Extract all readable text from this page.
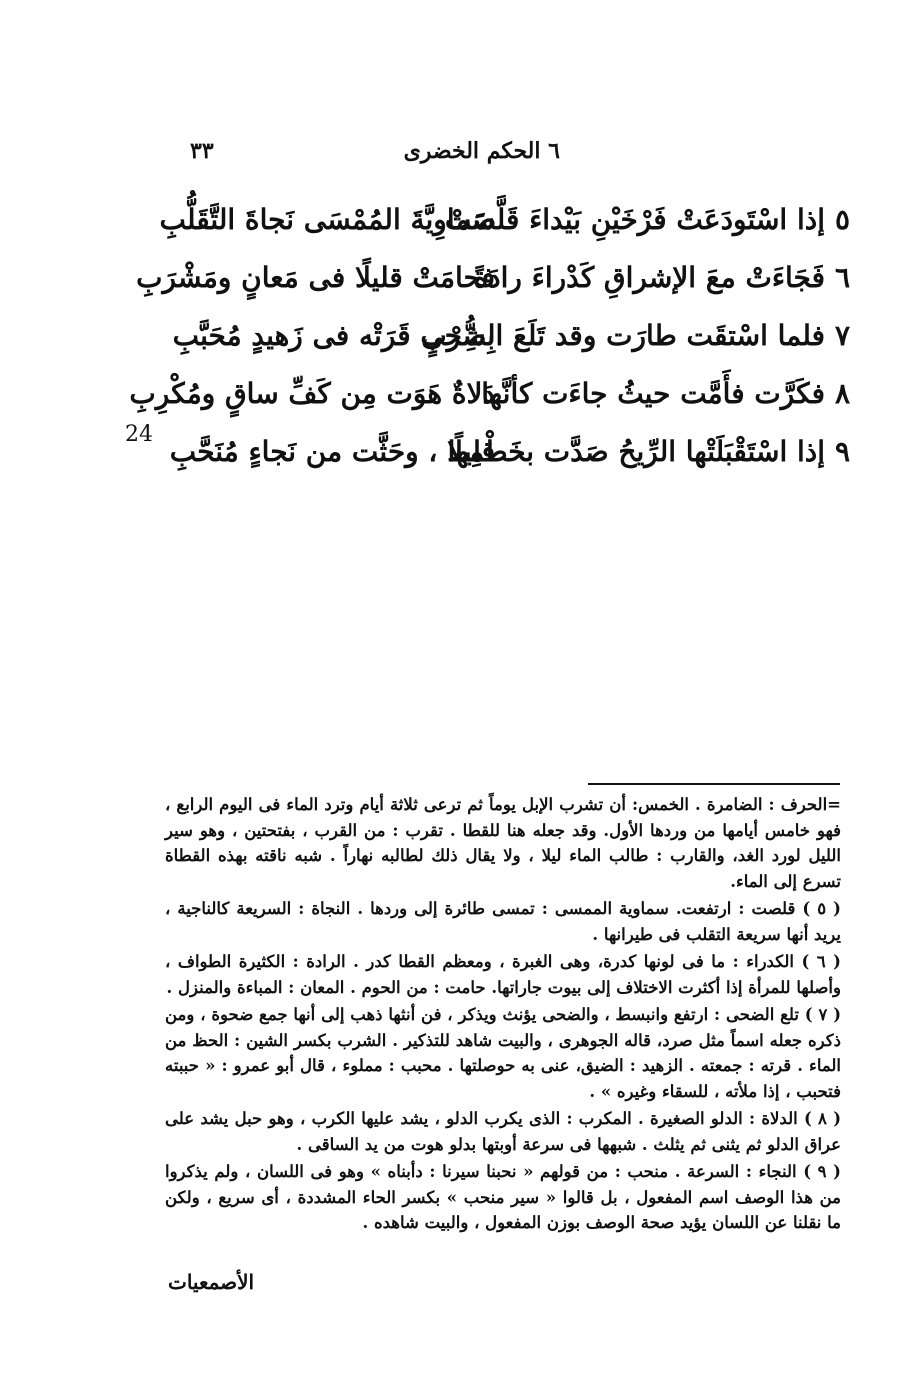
٦ الحكم الخضرى
٣٣
٥
إذا اسْتَودَعَتْ فَرْخَيْنِ بَيْداءَ قَلَّصَتْ
سَماوِيَّةَ المُمْسَى نَجاةَ التَّقَلُّبِ
٦
فَجَاءَتْ معَ الإشراقِ كَدْراءَ رادَةً
فحامَتْ قليلًا فى مَعانٍ ومَشْرَبِ
٧
فلما اسْتقَت طارَت وقد تَلَعَ الضُّحى
بِشِرْبٍ قَرَتْه فى زَهيدٍ مُحَبَّبِ
٨
فكَرَّت فأَمَّت حيثُ جاءَت كأنَّها
دَلاةٌ هَوَت مِن كَفِّ ساقٍ ومُكْرِبِ
٩
إذا اسْتَقْبَلَتْها الرِّيحُ صَدَّت بخَطْمِها
قليلًا ، وحَثَّت من نَجاءٍ مُنَحَّبِ
24

=الحرف : الضامرة . الخمس: أن تشرب الإبل يوماً ثم ترعى ثلاثة أيام وترد الماء فى اليوم الرابع ، فهو خامس أيامها من وردها الأول. وقد جعله هنا للقطا . تقرب : من القرب ، بفتحتين ، وهو سير الليل لورد الغد، والقارب : طالب الماء ليلا ، ولا يقال ذلك لطالبه نهاراً . شبه ناقته بهذه القطاة تسرع إلى الماء.

( ٥ ) قلصت : ارتفعت. سماوية الممسى : تمسى طائرة إلى وردها . النجاة : السريعة كالناجية ، يريد أنها سريعة التقلب فى طيرانها .

( ٦ ) الكدراء : ما فى لونها كدرة، وهى الغبرة ، ومعظم القطا كدر . الرادة : الكثيرة الطواف ، وأصلها للمرأة إذا أكثرت الاختلاف إلى بيوت جاراتها. حامت : من الحوم . المعان : المباءة والمنزل .

( ٧ ) تلع الضحى : ارتفع وانبسط ، والضحى يؤنث ويذكر ، فن أنثها ذهب إلى أنها جمع ضحوة ، ومن ذكره جعله اسماً مثل صرد، قاله الجوهرى ، والبيت شاهد للتذكير . الشرب بكسر الشين : الحظ من الماء . قرته : جمعته . الزهيد : الضيق، عنى به حوصلتها . محبب : مملوء ، قال أبو عمرو : « حببته فتحبب ، إذا ملأته ، للسقاء وغيره » .

( ٨ ) الدلاة : الدلو الصغيرة . المكرب : الذى يكرب الدلو ، يشد عليها الكرب ، وهو حبل يشد على عراق الدلو ثم يثنى ثم يثلث . شبهها فى سرعة أوبتها بدلو هوت من يد الساقى .

( ٩ ) النجاء : السرعة . منحب : من قولهم « نحبنا سيرنا : دأبناه » وهو فى اللسان ، ولم يذكروا من هذا الوصف اسم المفعول ، بل قالوا « سير منحب » بكسر الحاء المشددة ، أى سريع ، ولكن ما نقلنا عن اللسان يؤيد صحة الوصف بوزن المفعول ، والبيت شاهده .

الأصمعيات
